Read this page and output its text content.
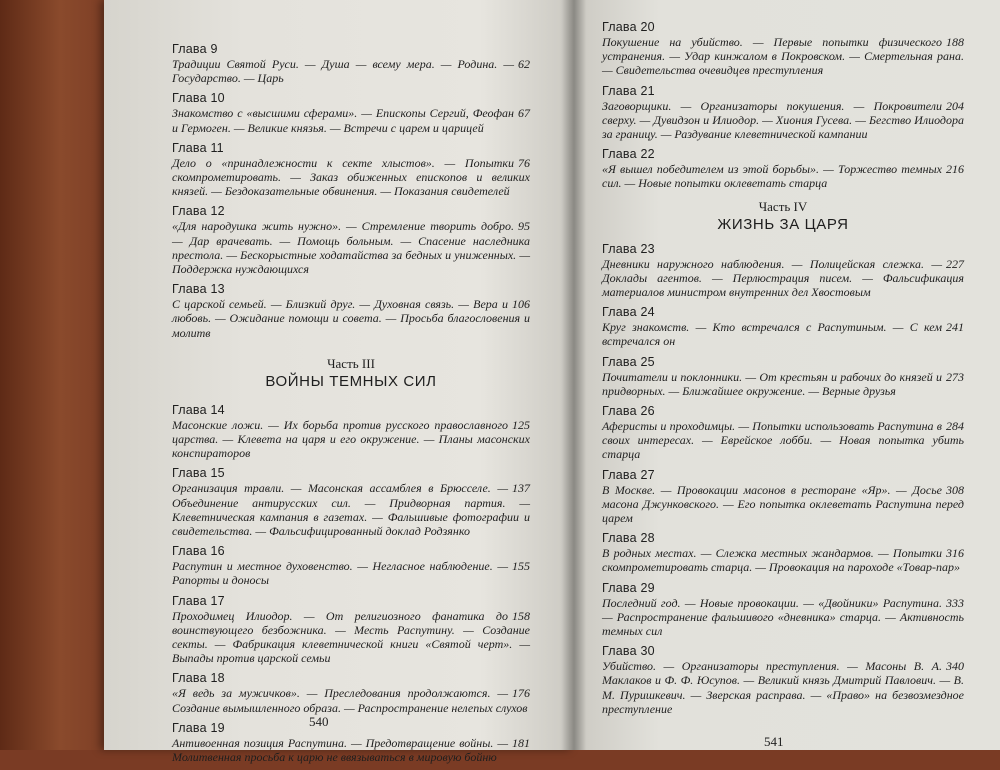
Глава 9
62
Традиции Святой Руси. — Душа — всему мера. — Родина. — Государство. — Царь
Глава 10
67
Знакомство с «высшими сферами». — Епископы Сергий, Феофан и Гермоген. — Великие князья. — Встречи с царем и царицей
Глава 11
76
Дело о «принадлежности к секте хлыстов». — Попытки скомпрометировать. — Заказ обиженных епископов и великих князей. — Бездоказательные обвинения. — Показания свидетелей
Глава 12
95
«Для народушка жить нужно». — Стремление творить добро. — Дар врачевать. — Помощь больным. — Спасение наследника престола. — Бескорыстные ходатайства за бедных и униженных. — Поддержка нуждающихся
Глава 13
106
С царской семьей. — Близкий друг. — Духовная связь. — Вера и любовь. — Ожидание помощи и совета. — Просьба благословения и молитв
Часть III
ВОЙНЫ ТЕМНЫХ СИЛ
Глава 14
125
Масонские ложи. — Их борьба против русского православного царства. — Клевета на царя и его окружение. — Планы масонских конспираторов
Глава 15
137
Организация травли. — Масонская ассамблея в Брюсселе. — Объединение антирусских сил. — Придворная партия. — Клеветническая кампания в газетах. — Фальшивые фотографии и свидетельства. — Фальсифицированный доклад Родзянко
Глава 16
155
Распутин и местное духовенство. — Негласное наблюдение. — Рапорты и доносы
Глава 17
158
Проходимец Илиодор. — От религиозного фанатика до воинствующего безбожника. — Месть Распутину. — Создание секты. — Фабрикация клеветнической книги «Святой черт». — Выпады против царской семьи
Глава 18
176
«Я ведь за мужичков». — Преследования продолжаются. — Создание вымышленного образа. — Распространение нелепых слухов
Глава 19
181
Антивоенная позиция Распутина. — Предотвращение войны. — Молитвенная просьба к царю не ввязываться в мировую бойню
540
Глава 20
188
Покушение на убийство. — Первые попытки физического устранения. — Удар кинжалом в Покровском. — Смертельная рана. — Свидетельства очевидцев преступления
Глава 21
204
Заговорщики. — Организаторы покушения. — Покровители сверху. — Дувидзон и Илиодор. — Хиония Гусева. — Бегство Илиодора за границу. — Раздувание клеветнической кампании
Глава 22
216
«Я вышел победителем из этой борьбы». — Торжество темных сил. — Новые попытки оклеветать старца
Часть IV
ЖИЗНЬ ЗА ЦАРЯ
Глава 23
227
Дневники наружного наблюдения. — Полицейская слежка. — Доклады агентов. — Перлюстрация писем. — Фальсификация материалов министром внутренних дел Хвостовым
Глава 24
241
Круг знакомств. — Кто встречался с Распутиным. — С кем встречался он
Глава 25
273
Почитатели и поклонники. — От крестьян и рабочих до князей и придворных. — Ближайшее окружение. — Верные друзья
Глава 26
284
Аферисты и проходимцы. — Попытки использовать Распутина в своих интересах. — Еврейское лобби. — Новая попытка убить старца
Глава 27
308
В Москве. — Провокации масонов в ресторане «Яр». — Досье масона Джунковского. — Его попытка оклеветать Распутина перед царем
Глава 28
316
В родных местах. — Слежка местных жандармов. — Попытки скомпрометировать старца. — Провокация на пароходе «Товар-пар»
Глава 29
333
Последний год. — Новые провокации. — «Двойники» Распутина. — Распространение фальшивого «дневника» старца. — Активность темных сил
Глава 30
340
Убийство. — Организаторы преступления. — Масоны В. А. Маклаков и Ф. Ф. Юсупов. — Великий князь Дмитрий Павлович. — В. М. Пуришкевич. — Зверская расправа. — «Право» на безвозмездное преступление
541
